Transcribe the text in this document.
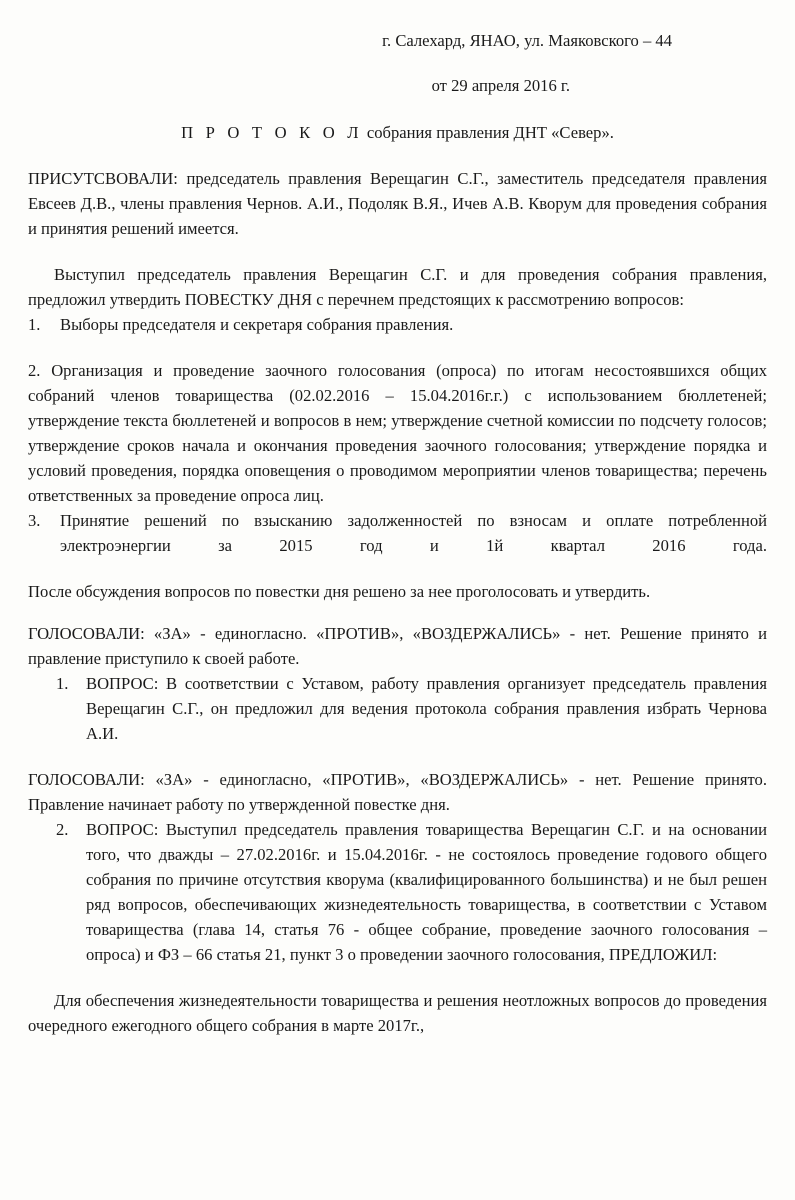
г. Салехард, ЯНАО, ул. Маяковского – 44

от 29 апреля 2016 г.

П Р О Т О К О Л собрания правления ДНТ «Север».

ПРИСУТСВОВАЛИ: председатель правления Верещагин С.Г., заместитель председателя правления Евсеев Д.В., члены правления Чернов. А.И., Подоляк В.Я., Ичев А.В. Кворум для проведения собрания и принятия решений имеется.

Выступил председатель правления Верещагин С.Г. и для проведения собрания правления, предложил утвердить ПОВЕСТКУ ДНЯ с перечнем предстоящих к рассмотрению вопросов:

1.	Выборы председателя и секретаря собрания правления.

2. Организация и проведение заочного голосования (опроса) по итогам несостоявшихся общих собраний членов товарищества (02.02.2016 – 15.04.2016г.г.) с использованием бюллетеней; утверждение текста бюллетеней и вопросов в нем; утверждение счетной комиссии по подсчету голосов; утверждение сроков начала и окончания проведения заочного голосования; утверждение порядка и условий проведения, порядка оповещения о проводимом мероприятии членов товарищества; перечень ответственных за проведение опроса лиц.

3.	Принятие решений по взысканию задолженностей по взносам и оплате потребленной электроэнергии за 2015 год и 1й квартал 2016 года.

После обсуждения вопросов по повестки дня решено за нее проголосовать и утвердить.

ГОЛОСОВАЛИ: «ЗА» - единогласно. «ПРОТИВ», «ВОЗДЕРЖАЛИСЬ» - нет. Решение принято и правление приступило к своей работе.

1.	ВОПРОС: В соответствии с Уставом, работу правления организует председатель правления Верещагин С.Г., он предложил для ведения протокола собрания правления избрать Чернова А.И.

ГОЛОСОВАЛИ: «ЗА» - единогласно, «ПРОТИВ», «ВОЗДЕРЖАЛИСЬ» - нет. Решение принято. Правление начинает работу по утвержденной повестке дня.

2.	ВОПРОС: Выступил председатель правления товарищества Верещагин С.Г. и на основании того, что дважды – 27.02.2016г. и 15.04.2016г. - не состоялось проведение годового общего собрания по причине отсутствия кворума (квалифицированного большинства) и не был решен ряд вопросов, обеспечивающих жизнедеятельность товарищества, в соответствии с Уставом товарищества (глава 14, статья 76 - общее собрание, проведение заочного голосования – опроса) и ФЗ – 66 статья 21, пункт 3 о проведении заочного голосования, ПРЕДЛОЖИЛ:

Для обеспечения жизнедеятельности товарищества и решения неотложных вопросов до проведения очередного ежегодного общего собрания в марте 2017г.,
